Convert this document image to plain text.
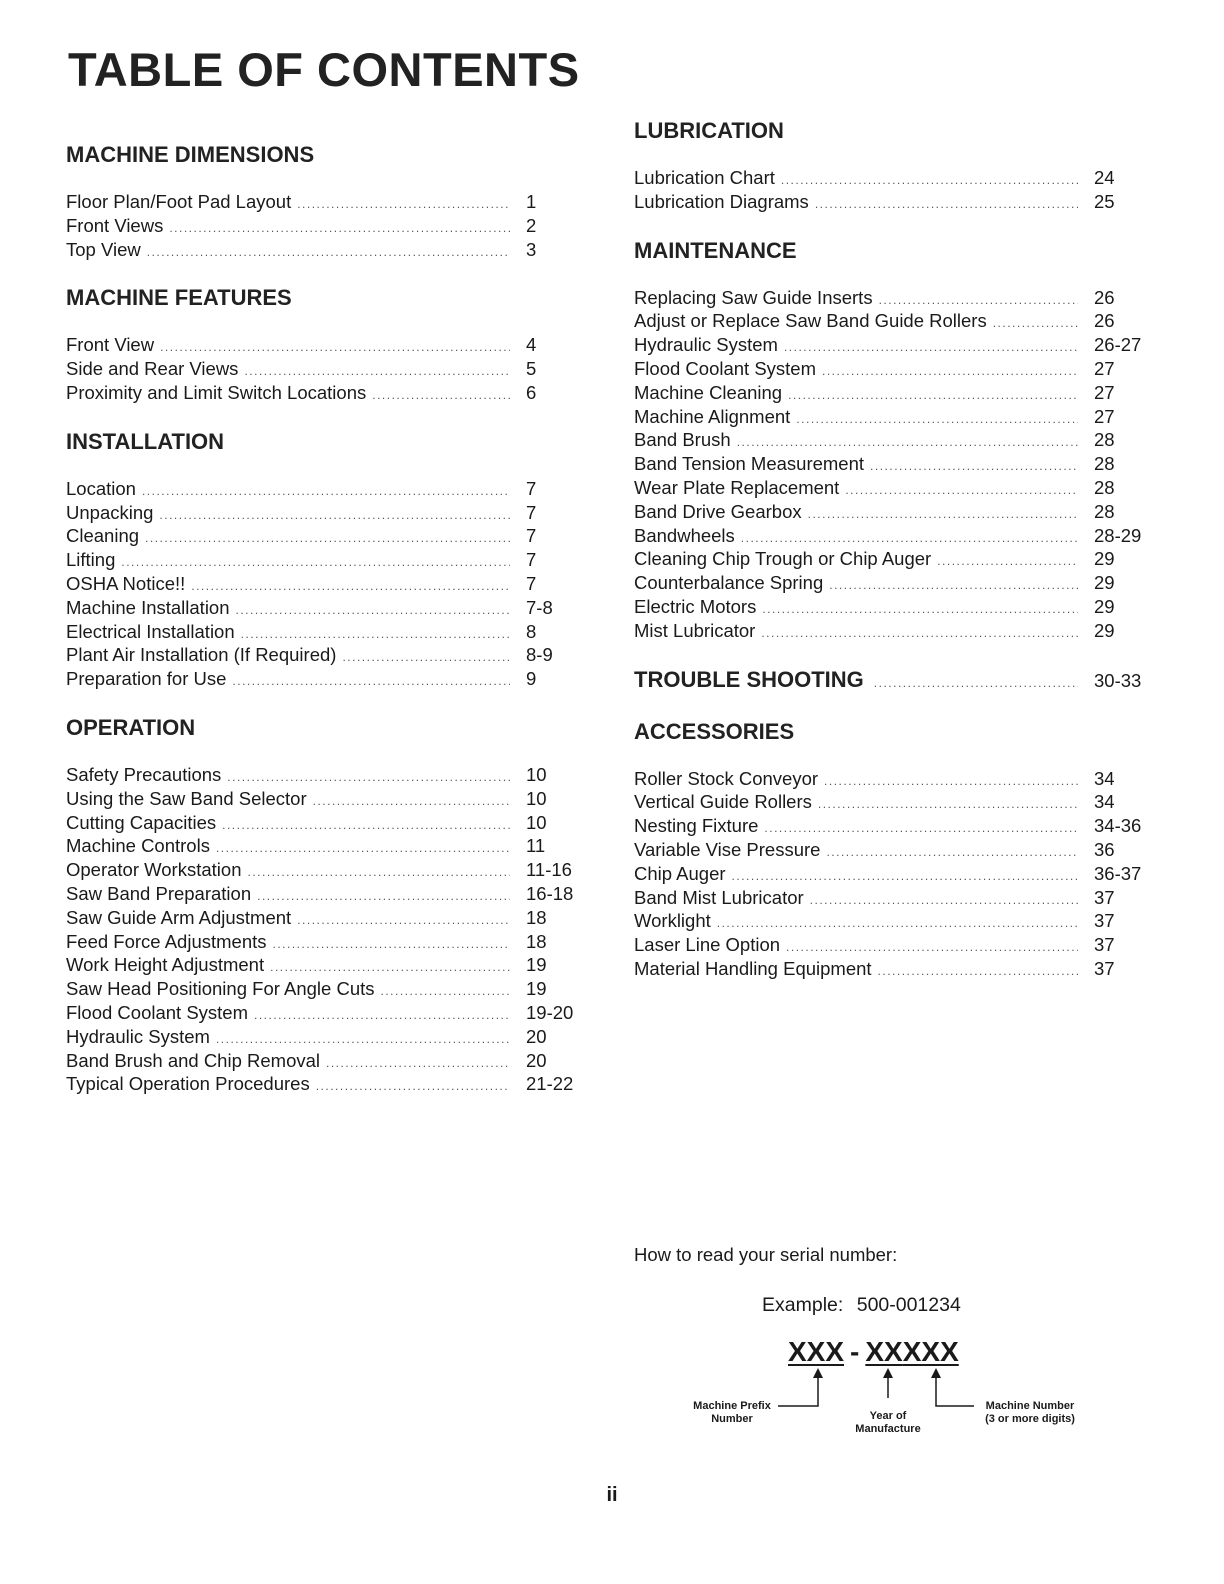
TABLE OF CONTENTS
MACHINE DIMENSIONS
Floor Plan/Foot Pad Layout .....	1
Front Views .....	2
Top View .....	3
MACHINE FEATURES
Front View .....	4
Side and Rear Views .....	5
Proximity and Limit Switch Locations .....	6
INSTALLATION
Location .....	7
Unpacking .....	7
Cleaning .....	7
Lifting .....	7
OSHA Notice!! .....	7
Machine Installation .....	7-8
Electrical Installation .....	8
Plant Air Installation (If Required) .....	8-9
Preparation for Use .....	9
OPERATION
Safety Precautions .....	10
Using the Saw Band Selector .....	10
Cutting Capacities .....	10
Machine Controls .....	11
Operator Workstation .....	11-16
Saw Band Preparation .....	16-18
Saw Guide Arm Adjustment .....	18
Feed Force Adjustments .....	18
Work Height Adjustment .....	19
Saw Head Positioning For Angle Cuts .....	19
Flood Coolant System .....	19-20
Hydraulic System .....	20
Band Brush and Chip Removal .....	20
Typical Operation Procedures .....	21-22
LUBRICATION
Lubrication Chart .....	24
Lubrication Diagrams .....	25
MAINTENANCE
Replacing Saw Guide Inserts .....	26
Adjust or Replace Saw Band Guide Rollers .....	26
Hydraulic System .....	26-27
Flood Coolant System .....	27
Machine Cleaning .....	27
Machine Alignment .....	27
Band Brush .....	28
Band Tension Measurement .....	28
Wear Plate Replacement .....	28
Band Drive Gearbox .....	28
Bandwheels .....	28-29
Cleaning Chip Trough or Chip Auger .....	29
Counterbalance Spring .....	29
Electric Motors .....	29
Mist Lubricator .....	29
TROUBLE SHOOTING .....	30-33
ACCESSORIES
Roller Stock Conveyor .....	34
Vertical Guide Rollers .....	34
Nesting Fixture .....	34-36
Variable Vise Pressure .....	36
Chip Auger .....	36-37
Band Mist Lubricator .....	37
Worklight .....	37
Laser Line Option .....	37
Material Handling Equipment .....	37

How to read your serial number:

Example: 500-001234
XXX - XXXXX
Machine Prefix
Number	Year of
Manufacture
Machine Number
(3 or more digits)
ii
